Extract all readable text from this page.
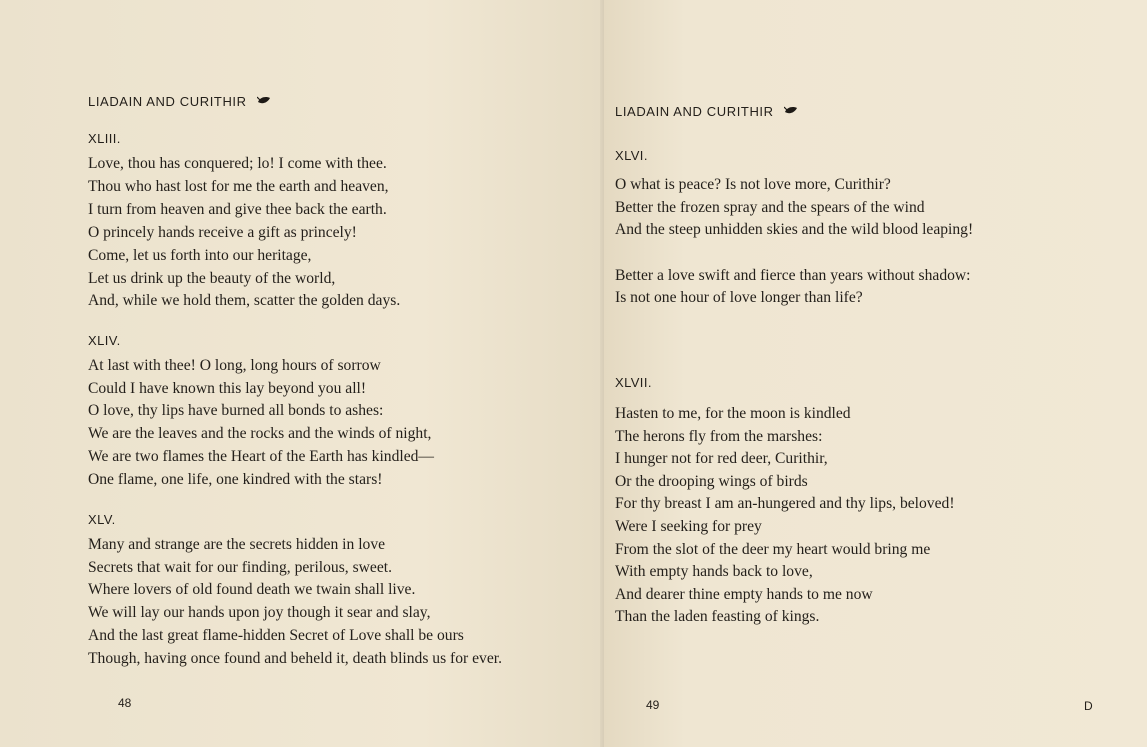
LIADAIN AND CURITHIR
XLIII.
Love, thou has conquered; lo! I come with thee.
Thou who hast lost for me the earth and heaven,
I turn from heaven and give thee back the earth.
O princely hands receive a gift as princely!
Come, let us forth into our heritage,
Let us drink up the beauty of the world,
And, while we hold them, scatter the golden days.
XLIV.
At last with thee! O long, long hours of sorrow
Could I have known this lay beyond you all!
O love, thy lips have burned all bonds to ashes:
We are the leaves and the rocks and the winds of night,
We are two flames the Heart of the Earth has kindled—
One flame, one life, one kindred with the stars!
XLV.
Many and strange are the secrets hidden in love
Secrets that wait for our finding, perilous, sweet.
Where lovers of old found death we twain shall live.
We will lay our hands upon joy though it sear and slay,
And the last great flame-hidden Secret of Love shall be ours
Though, having once found and beheld it, death blinds us for ever.
48
LIADAIN AND CURITHIR
XLVI.
O what is peace? Is not love more, Curithir?
Better the frozen spray and the spears of the wind
And the steep unhidden skies and the wild blood leaping!
Better a love swift and fierce than years without shadow:
Is not one hour of love longer than life?
XLVII.
Hasten to me, for the moon is kindled
The herons fly from the marshes:
I hunger not for red deer, Curithir,
Or the drooping wings of birds
For thy breast I am an-hungered and thy lips, beloved!
Were I seeking for prey
From the slot of the deer my heart would bring me
With empty hands back to love,
And dearer thine empty hands to me now
Than the laden feasting of kings.
49	D
